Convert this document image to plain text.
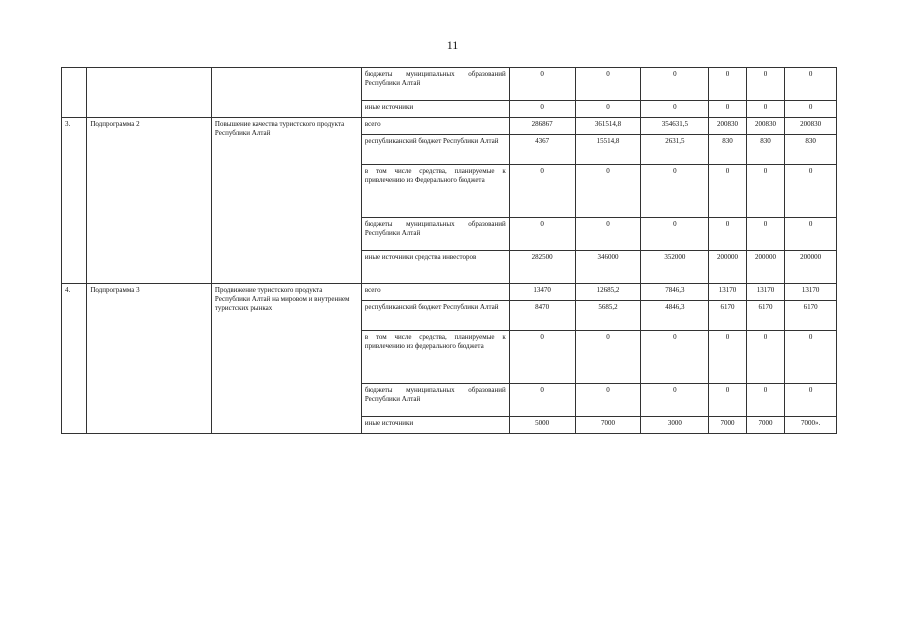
11
			бюджеты муниципальных образований Республики Алтай	0	0	0	0	0	0
			иные источники	0	0	0	0	0	0
3.	Подпрограмма 2	Повышение качества туристского продукта Республики Алтай	всего	286867	361514,8	354631,5	200830	200830	200830
			республиканский бюджет Республики Алтай	4367	15514,8	2631,5	830	830	830
			в том числе средства, планируемые к привлечению из Федерального бюджета	0	0	0	0	0	0
			бюджеты муниципальных образований Республики Алтай	0	0	0	0	0	0
			иные источники средства инвесторов	282500	346000	352000	200000	200000	200000
4.	Подпрограмма 3	Продвижение туристского продукта Республики Алтай на мировом и внутреннем туристских рынках	всего	13470	12685,2	7846,3	13170	13170	13170
			республиканский бюджет Республики Алтай	8470	5685,2	4846,3	6170	6170	6170
			в том числе средства, планируемые к привлечению из федерального бюджета	0	0	0	0	0	0
			бюджеты муниципальных образований Республики Алтай	0	0	0	0	0	0
			иные источники	5000	7000	3000	7000	7000	7000».
